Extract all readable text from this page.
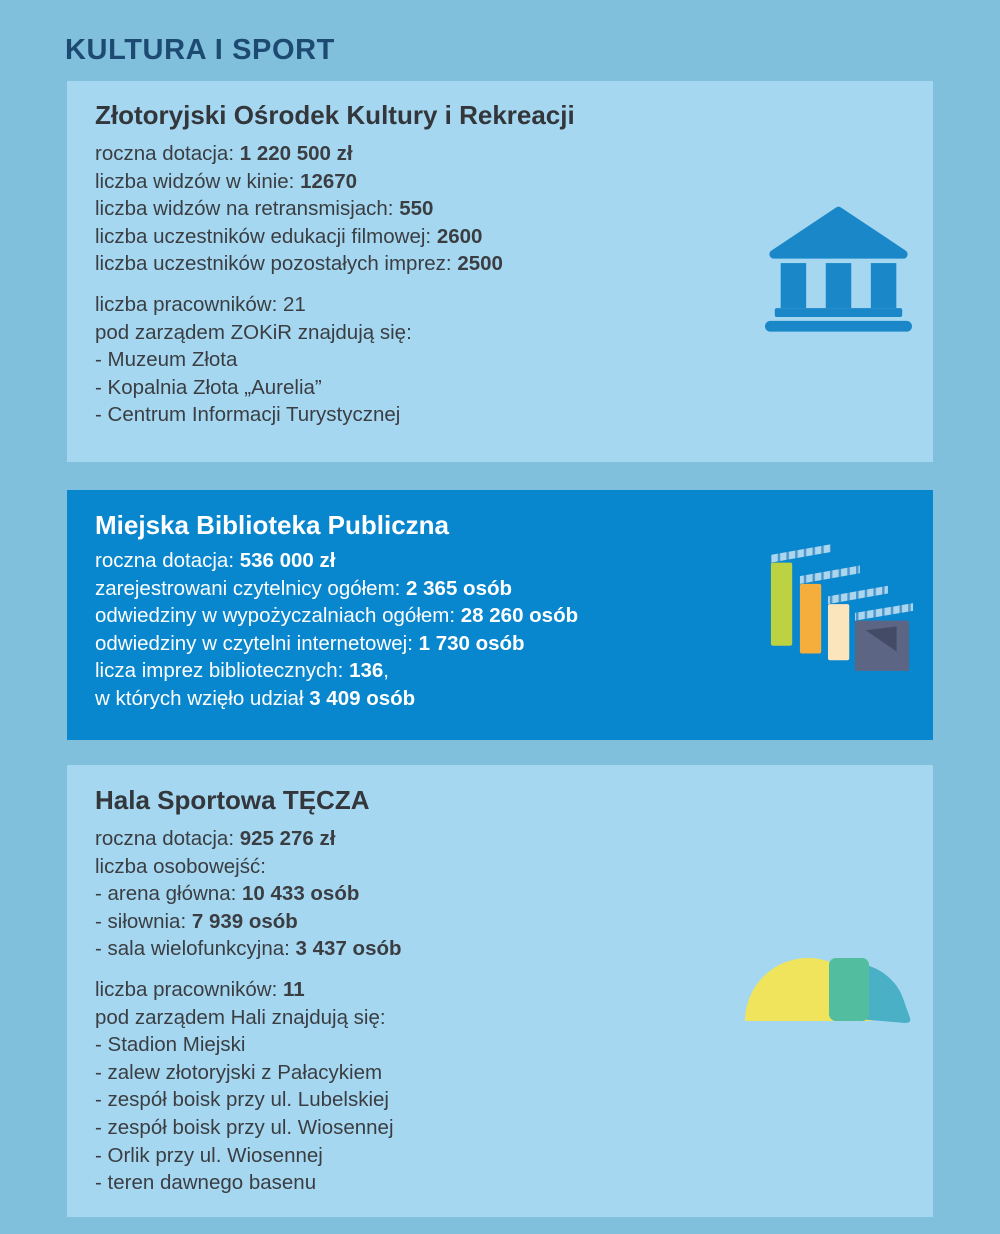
KULTURA I SPORT
Złotoryjski Ośrodek Kultury i Rekreacji

roczna dotacja: 1 220 500 zł

liczba widzów w kinie: 12670

liczba widzów na retransmisjach: 550

liczba uczestników edukacji filmowej: 2600

liczba uczestników pozostałych imprez: 2500

liczba pracowników: 21

pod zarządem ZOKiR znajdują się:

- Muzeum Złota

- Kopalnia Złota „Aurelia”

- Centrum Informacji Turystycznej

Miejska Biblioteka Publiczna

roczna dotacja: 536 000 zł

zarejestrowani czytelnicy ogółem: 2 365 osób

odwiedziny w wypożyczalniach ogółem: 28 260 osób

odwiedziny w czytelni internetowej: 1 730 osób

licza imprez bibliotecznych: 136,

w których wzięło udział 3 409 osób

Hala Sportowa TĘCZA

roczna dotacja: 925 276 zł

liczba osobowejść:

- arena główna: 10 433 osób

- siłownia: 7 939 osób

- sala wielofunkcyjna: 3 437 osób

liczba pracowników: 11

pod zarządem Hali znajdują się:

- Stadion Miejski

- zalew złotoryjski z Pałacykiem

- zespół boisk przy ul. Lubelskiej

- zespół boisk przy ul. Wiosennej

- Orlik przy ul. Wiosennej

- teren dawnego basenu
